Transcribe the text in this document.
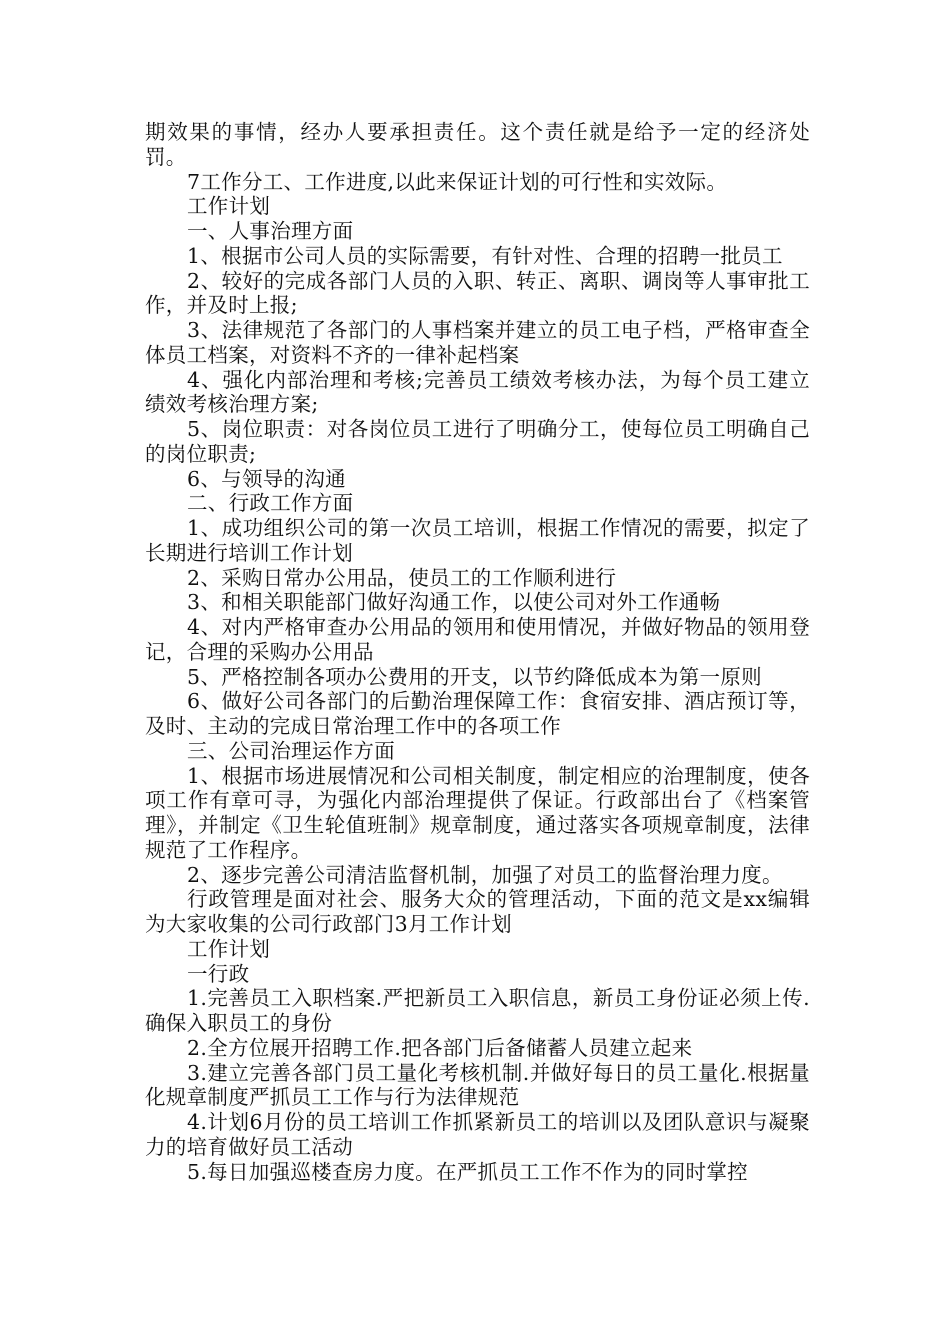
期效果的事情，经办人要承担责任。这个责任就是给予一定的经济处罚。

7工作分工、工作进度,以此来保证计划的可行性和实效际。

工作计划

一、人事治理方面

1、根据市公司人员的实际需要，有针对性、合理的招聘一批员工

2、较好的完成各部门人员的入职、转正、离职、调岗等人事审批工作，并及时上报;

3、法律规范了各部门的人事档案并建立的员工电子档，严格审查全体员工档案，对资料不齐的一律补起档案

4、强化内部治理和考核;完善员工绩效考核办法，为每个员工建立绩效考核治理方案;

5、岗位职责：对各岗位员工进行了明确分工，使每位员工明确自己的岗位职责;

6、与领导的沟通

二、行政工作方面

1、成功组织公司的第一次员工培训，根据工作情况的需要，拟定了长期进行培训工作计划

2、采购日常办公用品，使员工的工作顺利进行

3、和相关职能部门做好沟通工作，以使公司对外工作通畅

4、对内严格审查办公用品的领用和使用情况，并做好物品的领用登记，合理的采购办公用品

5、严格控制各项办公费用的开支，以节约降低成本为第一原则

6、做好公司各部门的后勤治理保障工作：食宿安排、酒店预订等，及时、主动的完成日常治理工作中的各项工作

三、公司治理运作方面

1、根据市场进展情况和公司相关制度，制定相应的治理制度，使各项工作有章可寻，为强化内部治理提供了保证。行政部出台了《档案管理》，并制定《卫生轮值班制》规章制度，通过落实各项规章制度，法律规范了工作程序。

2、逐步完善公司清洁监督机制，加强了对员工的监督治理力度。

行政管理是面对社会、服务大众的管理活动，下面的范文是xx编辑为大家收集的公司行政部门3月工作计划

工作计划

一行政

1.完善员工入职档案.严把新员工入职信息，新员工身份证必须上传.确保入职员工的身份

2.全方位展开招聘工作.把各部门后备储蓄人员建立起来

3.建立完善各部门员工量化考核机制.并做好每日的员工量化.根据量化规章制度严抓员工工作与行为法律规范

4.计划6月份的员工培训工作抓紧新员工的培训以及团队意识与凝聚力的培育做好员工活动

5.每日加强巡楼查房力度。在严抓员工工作不作为的同时掌控
